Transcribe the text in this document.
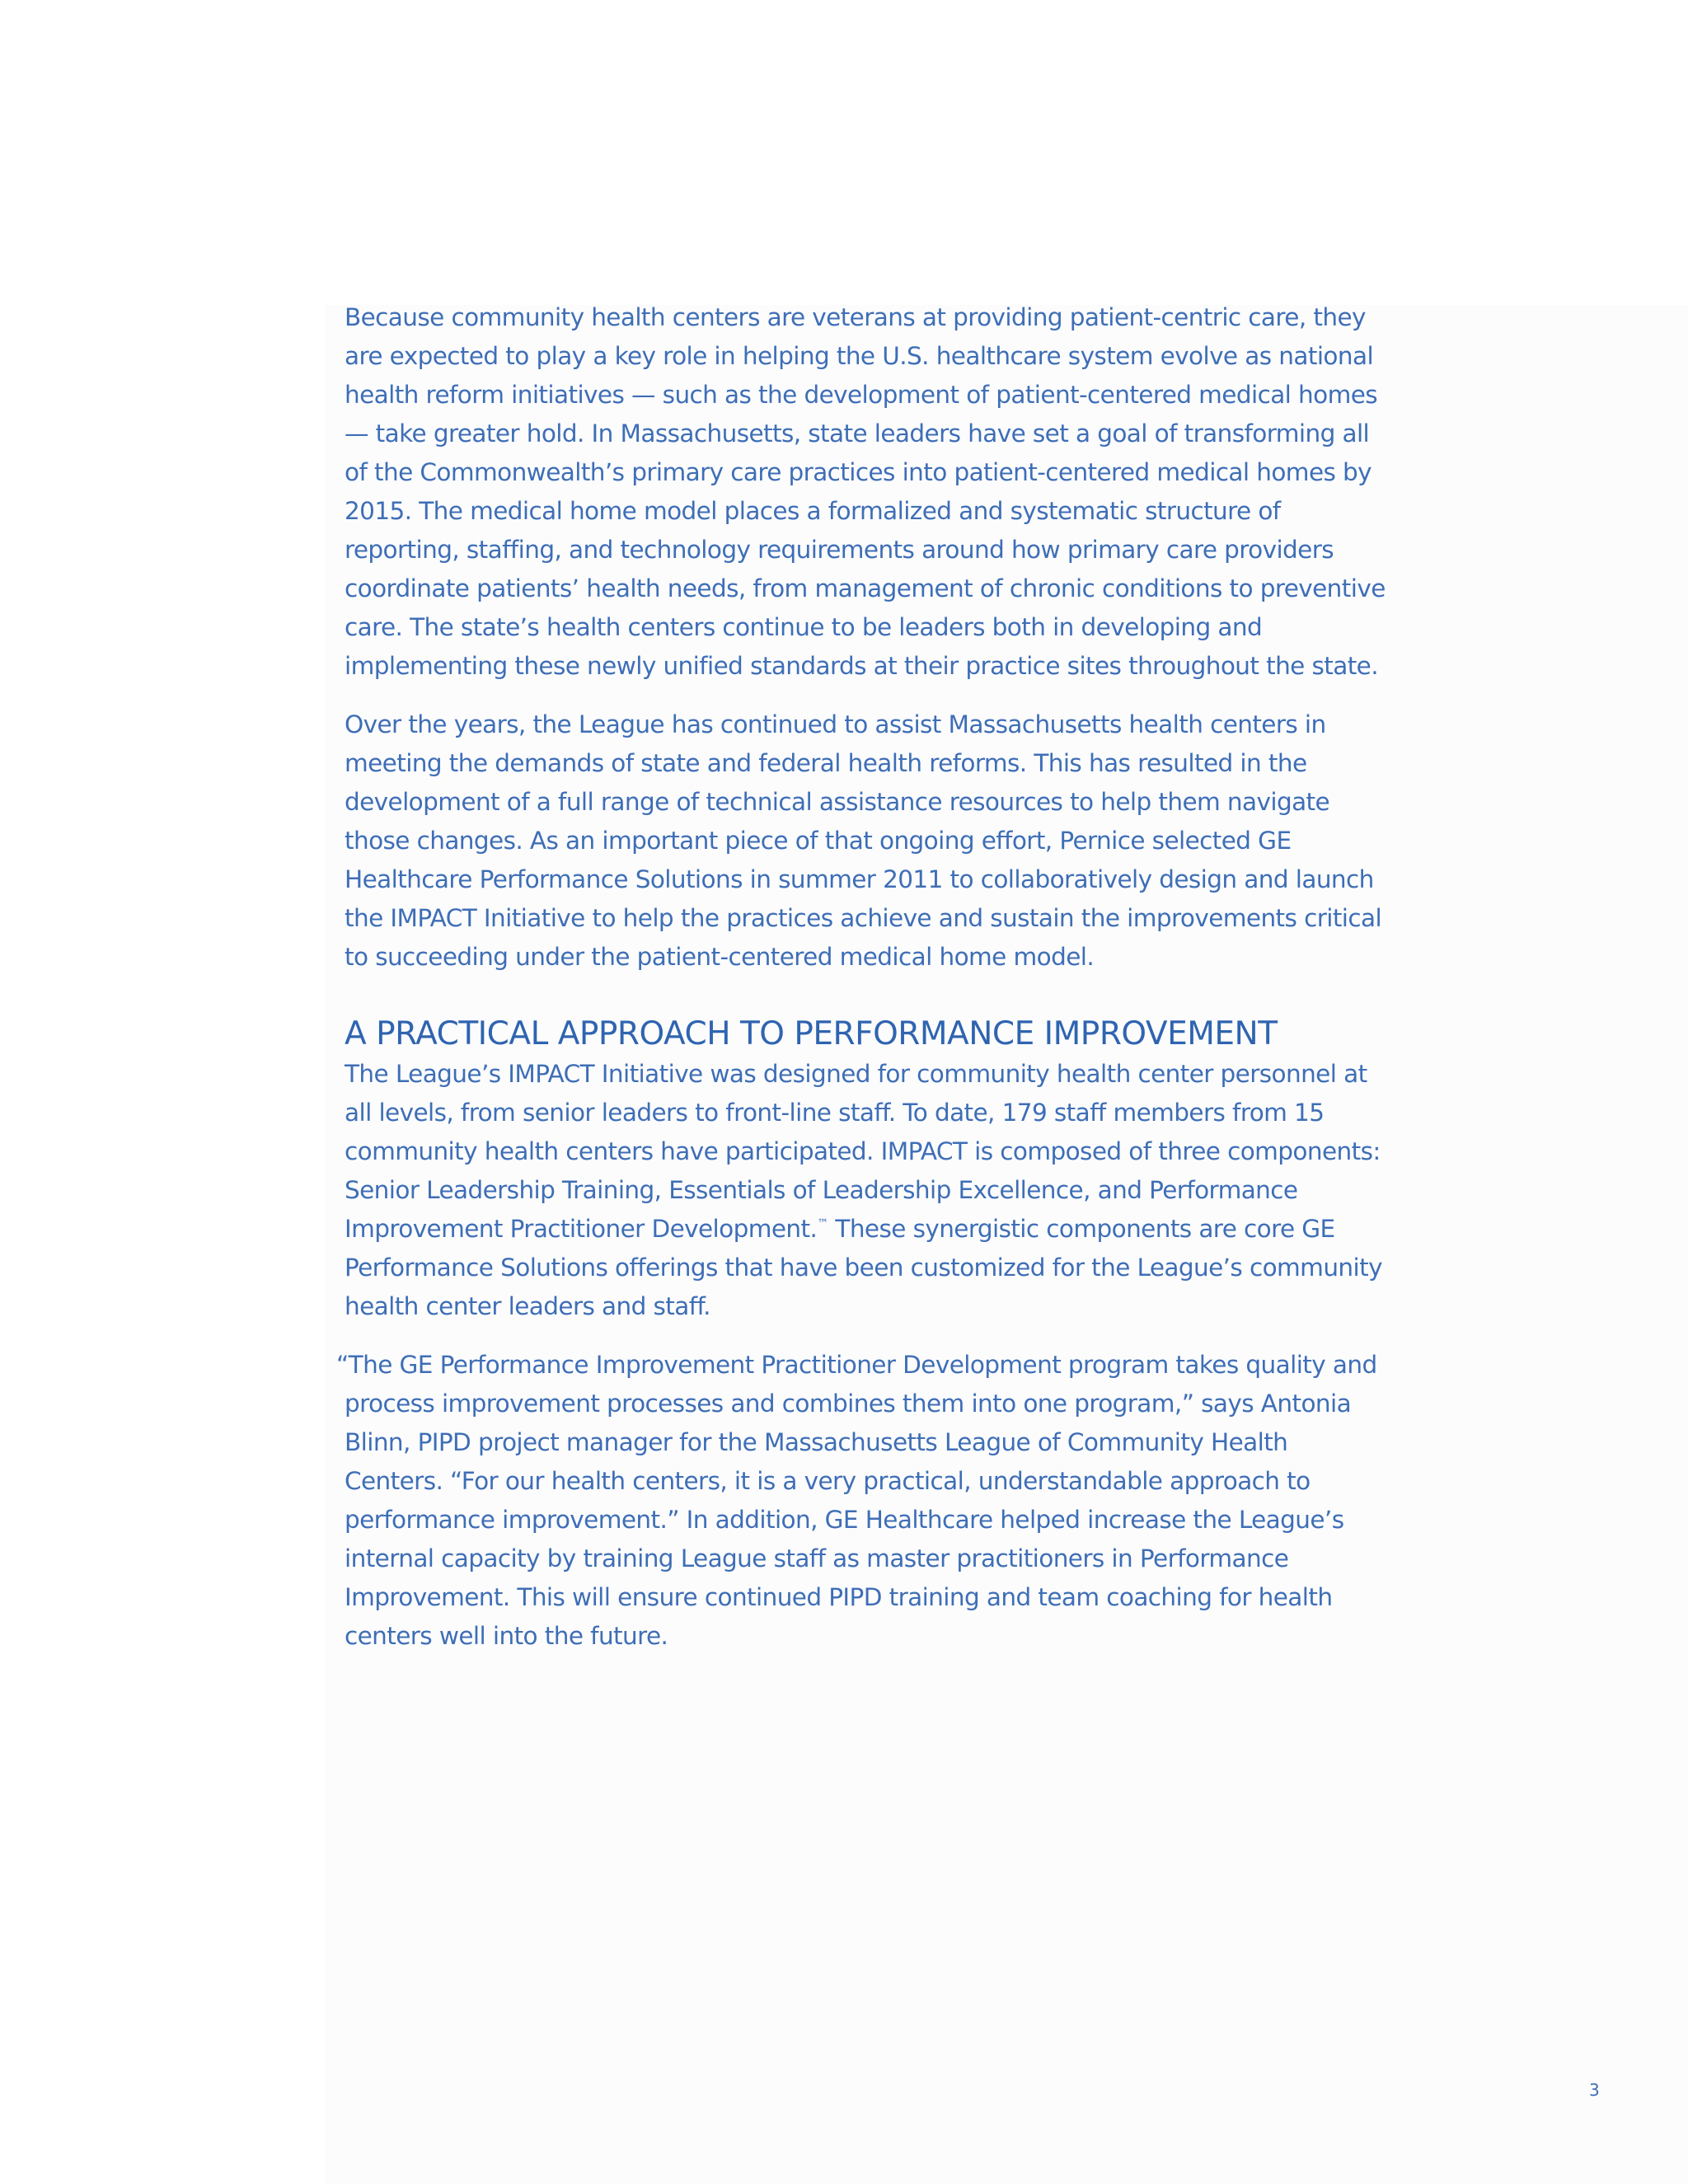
Because community health centers are veterans at providing patient-centric care, they are expected to play a key role in helping the U.S. healthcare system evolve as national health reform initiatives — such as the development of patient-centered medical homes — take greater hold. In Massachusetts, state leaders have set a goal of transforming all of the Commonwealth’s primary care practices into patient-centered medical homes by 2015. The medical home model places a formalized and systematic structure of reporting, staffing, and technology requirements around how primary care providers coordinate patients’ health needs, from management of chronic conditions to preventive care. The state’s health centers continue to be leaders both in developing and implementing these newly unified standards at their practice sites throughout the state.

Over the years, the League has continued to assist Massachusetts health centers in meeting the demands of state and federal health reforms. This has resulted in the development of a full range of technical assistance resources to help them navigate those changes. As an important piece of that ongoing effort, Pernice selected GE Healthcare Performance Solutions in summer 2011 to collaboratively design and launch the IMPACT Initiative to help the practices achieve and sustain the improvements critical to succeeding under the patient-centered medical home model.

A PRACTICAL APPROACH TO PERFORMANCE IMPROVEMENT

The League’s IMPACT Initiative was designed for community health center personnel at all levels, from senior leaders to front-line staff. To date, 179 staff members from 15 community health centers have participated. IMPACT is composed of three components: Senior Leadership Training, Essentials of Leadership Excellence, and Performance Improvement Practitioner Development.™ These synergistic components are core GE Performance Solutions offerings that have been customized for the League’s community health center leaders and staff.

“The GE Performance Improvement Practitioner Development program takes quality and process improvement processes and combines them into one program,” says Antonia Blinn, PIPD project manager for the Massachusetts League of Community Health Centers. “For our health centers, it is a very practical, understandable approach to performance improvement.” In addition, GE Healthcare helped increase the League’s internal capacity by training League staff as master practitioners in Performance Improvement. This will ensure continued PIPD training and team coaching for health centers well into the future.

3
